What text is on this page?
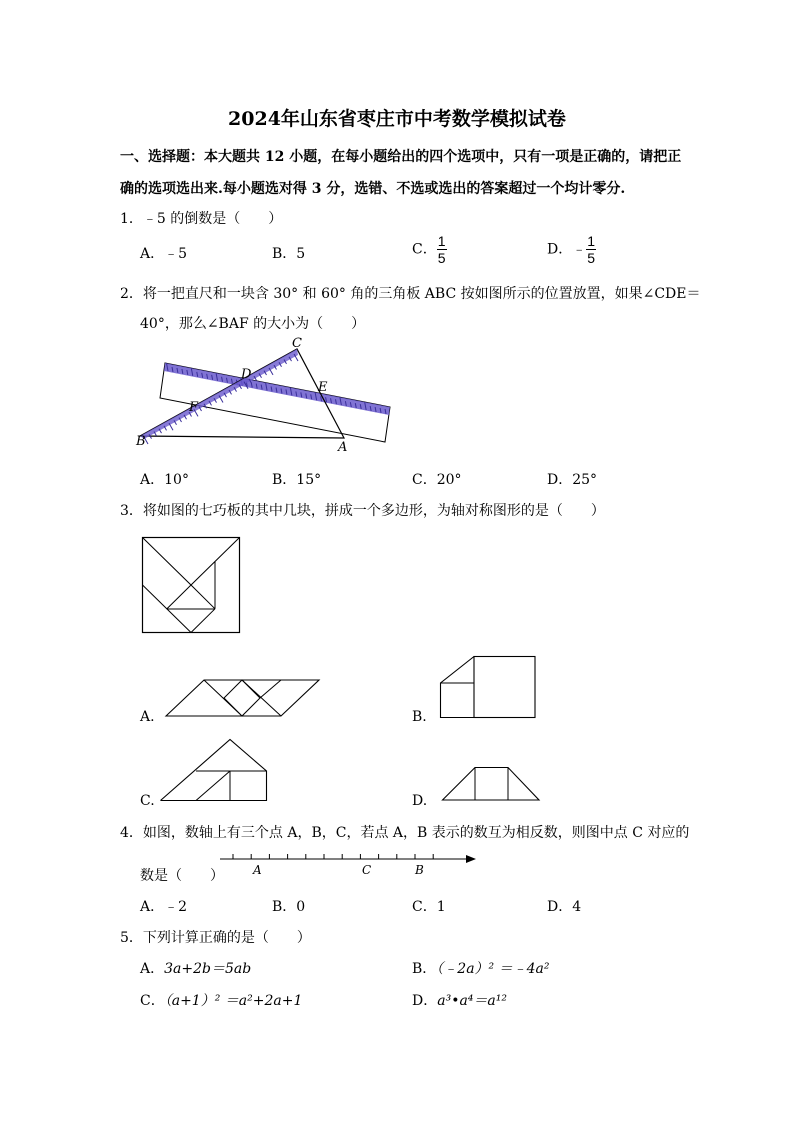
2024年山东省枣庄市中考数学模拟试卷
一、选择题：本大题共 12 小题，在每小题给出的四个选项中，只有一项是正确的，请把正
确的选项选出来.每小题选对得 3 分，选错、不选或选出的答案超过一个均计零分.
1．﹣5 的倒数是（　　）
A．﹣5	B．5	C． $\frac{1}{5}$	D．﹣ $\frac{1}{5}$
2．将一把直尺和一块含 30° 和 60° 角的三角板 ABC 按如图所示的位置放置，如果∠CDE＝
40°，那么∠BAF 的大小为（　　）
C
D
E
F
B	A
A．10°	B．15°	C．20°	D．25°
3．将如图的七巧板的其中几块，拼成一个多边形，为轴对称图形的是（　　）
A.	B.
C.	D.
4．如图，数轴上有三个点 A，B，C，若点 A，B 表示的数互为相反数，则图中点 C 对应的
数是（　　） A	C	B
A．﹣2	B．0	C．1	D．4
5．下列计算正确的是（　　）
A．3a+2b＝5ab	B．（﹣2a）² ＝﹣4a²
C．（a+1）² ＝a²+2a+1	D．a³•a⁴＝a¹²
